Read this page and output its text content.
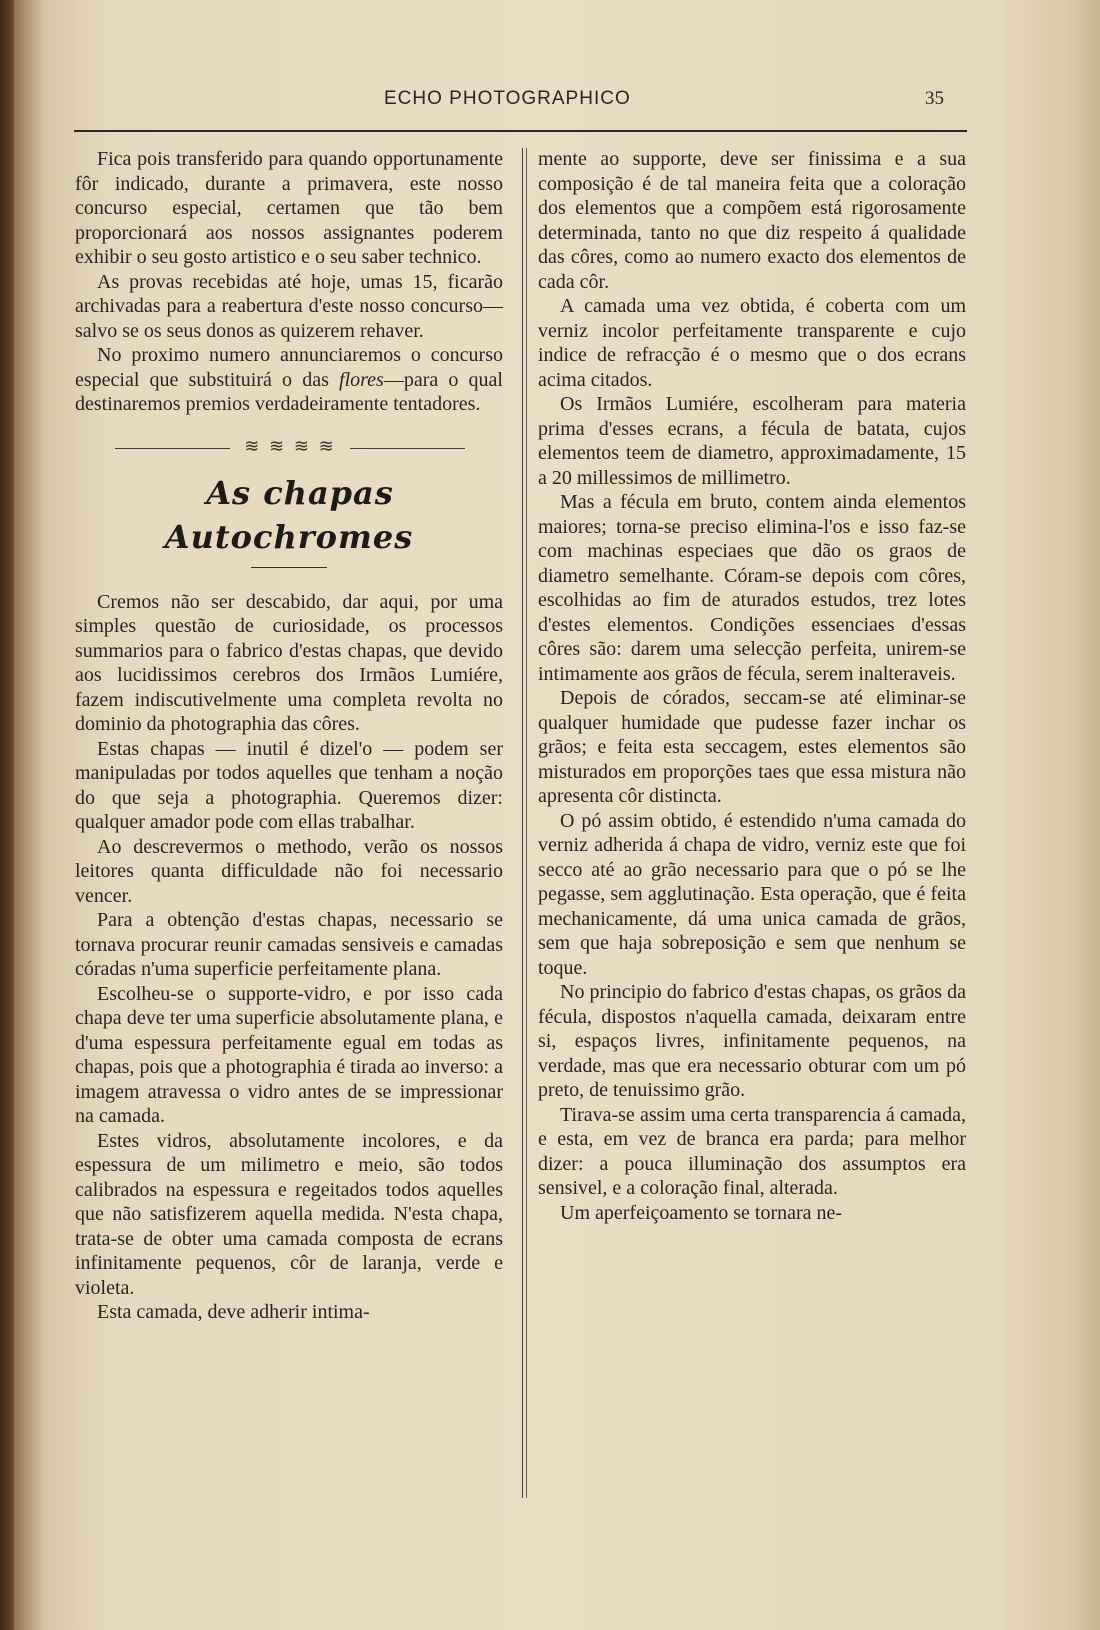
ECHO PHOTOGRAPHICO	35

Fica pois transferido para quando opportunamente fôr indicado, durante a primavera, este nosso concurso especial, certamen que tão bem proporcionará aos nossos assignantes poderem exhibir o seu gosto artistico e o seu saber technico.

As provas recebidas até hoje, umas 15, ficarão archivadas para a reabertura d'este nosso concurso—salvo se os seus donos as quizerem rehaver.

No proximo numero annunciaremos o concurso especial que substituirá o das flores—para o qual destinaremos premios verdadeiramente tentadores.

≋ ≋ ≋ ≋

As chapas Autochromes

Cremos não ser descabido, dar aqui, por uma simples questão de curiosidade, os processos summarios para o fabrico d'estas chapas, que devido aos lucidissimos cerebros dos Irmãos Lumiére, fazem indiscutivelmente uma completa revolta no dominio da photographia das côres.

Estas chapas — inutil é dizel'o — podem ser manipuladas por todos aquelles que tenham a noção do que seja a photographia. Queremos dizer: qualquer amador pode com ellas trabalhar.

Ao descrevermos o methodo, verão os nossos leitores quanta difficuldade não foi necessario vencer.

Para a obtenção d'estas chapas, necessario se tornava procurar reunir camadas sensiveis e camadas córadas n'uma superficie perfeitamente plana.

Escolheu-se o supporte-vidro, e por isso cada chapa deve ter uma superficie absolutamente plana, e d'uma espessura perfeitamente egual em todas as chapas, pois que a photographia é tirada ao inverso: a imagem atravessa o vidro antes de se impressionar na camada.

Estes vidros, absolutamente incolores, e da espessura de um milimetro e meio, são todos calibrados na espessura e regeitados todos aquelles que não satisfizerem aquella medida. N'esta chapa, trata-se de obter uma camada composta de ecrans infinitamente pequenos, côr de laranja, verde e violeta.

Esta camada, deve adherir intima-

mente ao supporte, deve ser finissima e a sua composição é de tal maneira feita que a coloração dos elementos que a compõem está rigorosamente determinada, tanto no que diz respeito á qualidade das côres, como ao numero exacto dos elementos de cada côr.

A camada uma vez obtida, é coberta com um verniz incolor perfeitamente transparente e cujo indice de refracção é o mesmo que o dos ecrans acima citados.

Os Irmãos Lumiére, escolheram para materia prima d'esses ecrans, a fécula de batata, cujos elementos teem de diametro, approximadamente, 15 a 20 millessimos de millimetro.

Mas a fécula em bruto, contem ainda elementos maiores; torna-se preciso elimina-l'os e isso faz-se com machinas especiaes que dão os graos de diametro semelhante. Córam-se depois com côres, escolhidas ao fim de aturados estudos, trez lotes d'estes elementos. Condições essenciaes d'essas côres são: darem uma selecção perfeita, unirem-se intimamente aos grãos de fécula, serem inalteraveis.

Depois de córados, seccam-se até eliminar-se qualquer humidade que pudesse fazer inchar os grãos; e feita esta seccagem, estes elementos são misturados em proporções taes que essa mistura não apresenta côr distincta.

O pó assim obtido, é estendido n'uma camada do verniz adherida á chapa de vidro, verniz este que foi secco até ao grão necessario para que o pó se lhe pegasse, sem agglutinação. Esta operação, que é feita mechanicamente, dá uma unica camada de grãos, sem que haja sobreposição e sem que nenhum se toque.

No principio do fabrico d'estas chapas, os grãos da fécula, dispostos n'aquella camada, deixaram entre si, espaços livres, infinitamente pequenos, na verdade, mas que era necessario obturar com um pó preto, de tenuissimo grão.

Tirava-se assim uma certa transparencia á camada, e esta, em vez de branca era parda; para melhor dizer: a pouca illuminação dos assumptos era sensivel, e a coloração final, alterada.

Um aperfeiçoamento se tornara ne-
